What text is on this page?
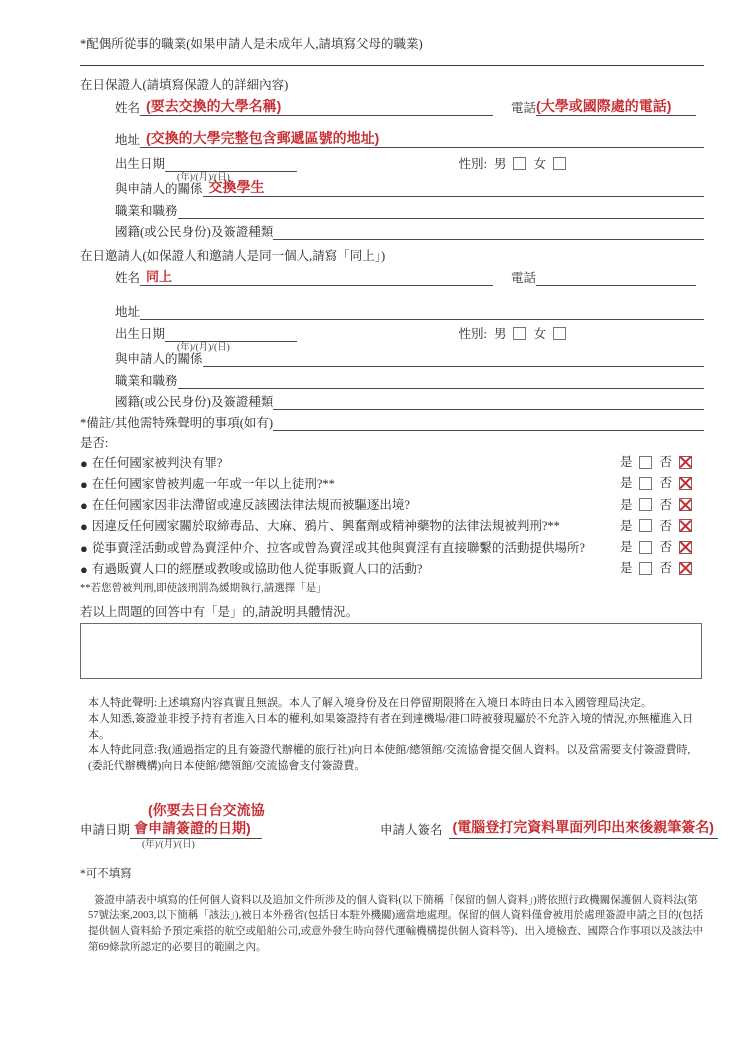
*配偶所從事的職業(如果申請人是未成年人,請填寫父母的職業)
在日保證人(請填寫保證人的詳細內容)
姓名 (要去交換的大學名稱)	電話 (大學或國際處的電話)
地址 (交換的大學完整包含郵遞區號的地址)
出生日期
(年)/(月)/(日)
性別: 男 女
與申請人的關係 交換學生
職業和職務
國籍(或公民身份)及簽證種類
在日邀請人(如保證人和邀請人是同一個人,請寫「同上」)
姓名 同上	電話
地址
出生日期
(年)/(月)/(日)
性別: 男 女
與申請人的關係
職業和職務
國籍(或公民身份)及簽證種類
*備註/其他需特殊聲明的事項(如有)
是否:
● 在任何國家被判決有罪?	是 否
● 在任何國家曾被判處一年或一年以上徒刑?**	是 否
● 在任何國家因非法滯留或違反該國法律法規而被驅逐出境?	是 否
● 因違反任何國家關於取締毒品、大麻、鴉片、興奮劑或精神藥物的法律法規被判刑?**	是 否
● 從事賣淫活動或曾為賣淫仲介、拉客或曾為賣淫或其他與賣淫有直接聯繫的活動提供場所?	是 否
● 有過販賣人口的經歷或教唆或協助他人從事販賣人口的活動?	是 否
**若您曾被判刑,即使該刑罰為緩期執行,請選擇「是」
若以上問題的回答中有「是」的,請說明具體情況。
本人特此聲明:上述填寫内容真實且無誤。本人了解入境身份及在日停留期限將在入境日本時由日本入國管理局決定。
本人知悉,簽證並非授予持有者進入日本的權利,如果簽證持有者在到達機場/港口時被發現屬於不允許入境的情況,亦無權進入日本。
本人特此同意:我(通過指定的且有簽證代辦權的旅行社)向日本使館/總領館/交流協會提交個人資料。以及當需要支付簽證費時,(委託代辦機構)向日本使館/總領館/交流協會支付簽證費。
申請日期
(你要去日台交流協
會申請簽證的日期)
(年)/(月)/(日)
申請人簽名 (電腦登打完資料單面列印出來後親筆簽名)
*可不填寫
簽證申請表中填寫的任何個人資料以及追加文件所涉及的個人資料(以下簡稱「保留的個人資料」)將依照行政機關保護個人資料法(第57號法案,2003,以下簡稱「該法」),被日本外務省(包括日本駐外機關)適當地處理。保留的個人資料僅會被用於處理簽證申請之目的(包括提供個人資料給予預定乘搭的航空或船舶公司,或意外發生時向替代運輸機構提供個人資料等)、出入境檢查、國際合作事項以及該法中第69條款所認定的必要目的範圍之內。
